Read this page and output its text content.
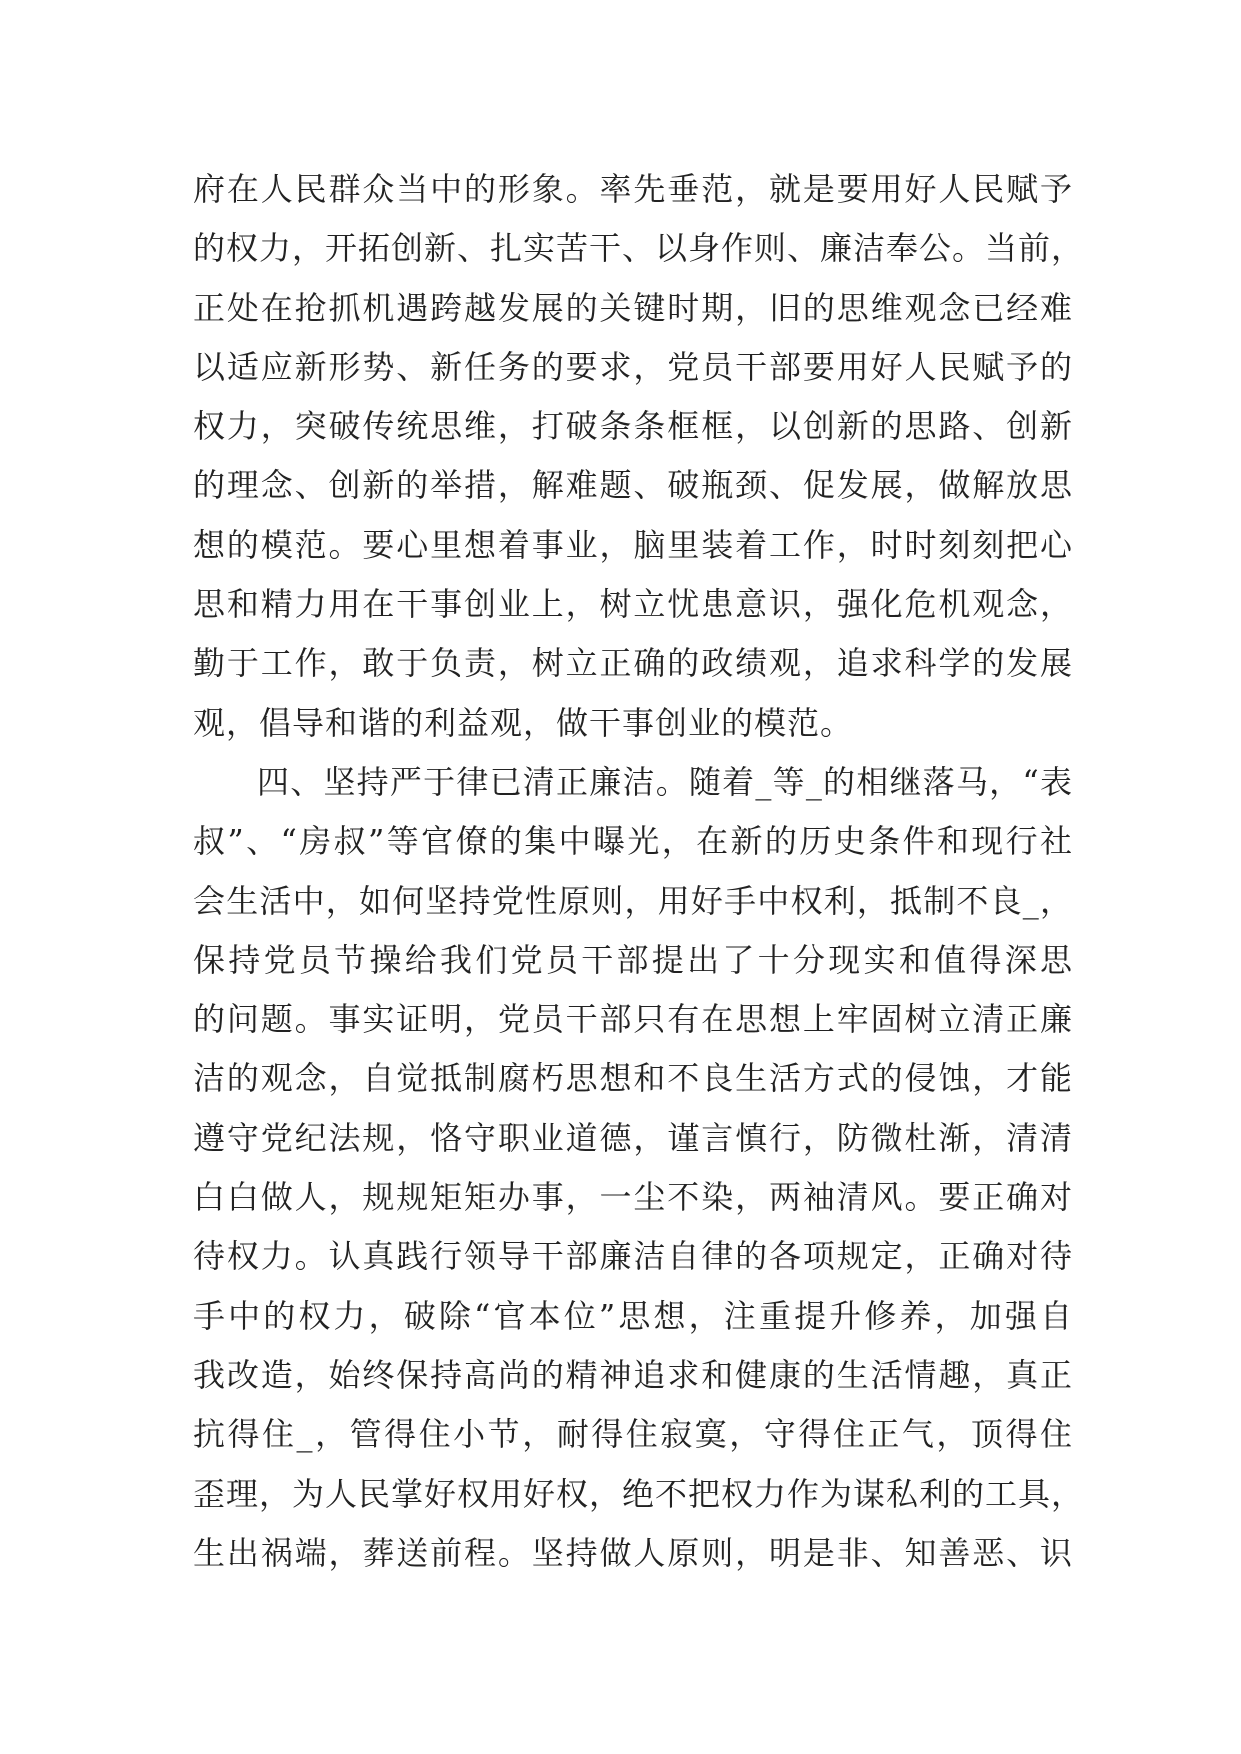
府在人民群众当中的形象。率先垂范，就是要用好人民赋予
的权力，开拓创新、扎实苦干、以身作则、廉洁奉公。当前，
正处在抢抓机遇跨越发展的关键时期，旧的思维观念已经难
以适应新形势、新任务的要求，党员干部要用好人民赋予的
权力，突破传统思维，打破条条框框，以创新的思路、创新
的理念、创新的举措，解难题、破瓶颈、促发展，做解放思
想的模范。要心里想着事业，脑里装着工作，时时刻刻把心
思和精力用在干事创业上，树立忧患意识，强化危机观念，
勤于工作，敢于负责，树立正确的政绩观，追求科学的发展
观，倡导和谐的利益观，做干事创业的模范。
四、坚持严于律已清正廉洁。随着_等_的相继落马，“表
叔”、“房叔”等官僚的集中曝光，在新的历史条件和现行社
会生活中，如何坚持党性原则，用好手中权利，抵制不良_，
保持党员节操给我们党员干部提出了十分现实和值得深思
的问题。事实证明，党员干部只有在思想上牢固树立清正廉
洁的观念，自觉抵制腐朽思想和不良生活方式的侵蚀，才能
遵守党纪法规，恪守职业道德，谨言慎行，防微杜渐，清清
白白做人，规规矩矩办事，一尘不染，两袖清风。要正确对
待权力。认真践行领导干部廉洁自律的各项规定，正确对待
手中的权力，破除“官本位”思想，注重提升修养，加强自
我改造，始终保持高尚的精神追求和健康的生活情趣，真正
抗得住_，管得住小节，耐得住寂寞，守得住正气，顶得住
歪理，为人民掌好权用好权，绝不把权力作为谋私利的工具，
生出祸端，葬送前程。坚持做人原则，明是非、知善恶、识
